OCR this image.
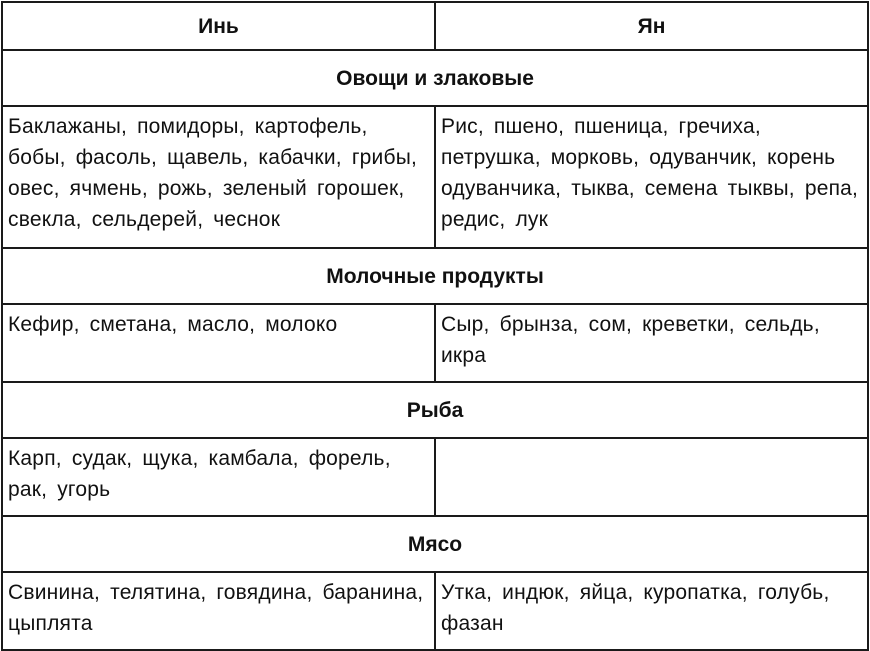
Инь	Ян
Овощи и злаковые	
Баклажаны, помидоры, картофель, бобы, фасоль, щавель, кабачки, грибы, овес, ячмень, рожь, зеленый горошек, свекла, сельдерей, чеснок	Рис, пшено, пшеница, гречиха, петрушка, морковь, одуванчик, корень одуванчика, тыква, семена тыквы, репа, редис, лук
Молочные продукты	
Кефир, сметана, масло, молоко	Сыр, брынза, сом, креветки, сельдь, икра
Рыба	
Карп, судак, щука, камбала, форель, рак, угорь	
Мясо	
Свинина, телятина, говядина, баранина, цыплята	Утка, индюк, яйца, куропатка, голубь, фазан
